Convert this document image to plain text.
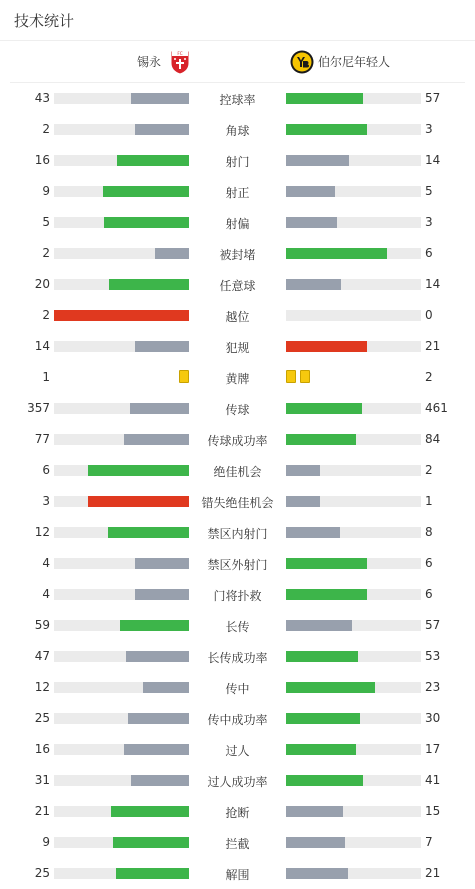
技术统计
锡永
FC
伯尔尼年轻人
43	控球率	57
2	角球	3
16	射门	14
9	射正	5
5	射偏	3
2	被封堵	6
20	任意球	14
2	越位	0
14	犯规	21
1	黄牌	2
357	传球	461
77	传球成功率	84
6	绝佳机会	2
3	错失绝佳机会	1
12	禁区内射门	8
4	禁区外射门	6
4	门将扑救	6
59	长传	57
47	长传成功率	53
12	传中	23
25	传中成功率	30
16	过人	17
31	过人成功率	41
21	抢断	15
9	拦截	7
25	解围	21
